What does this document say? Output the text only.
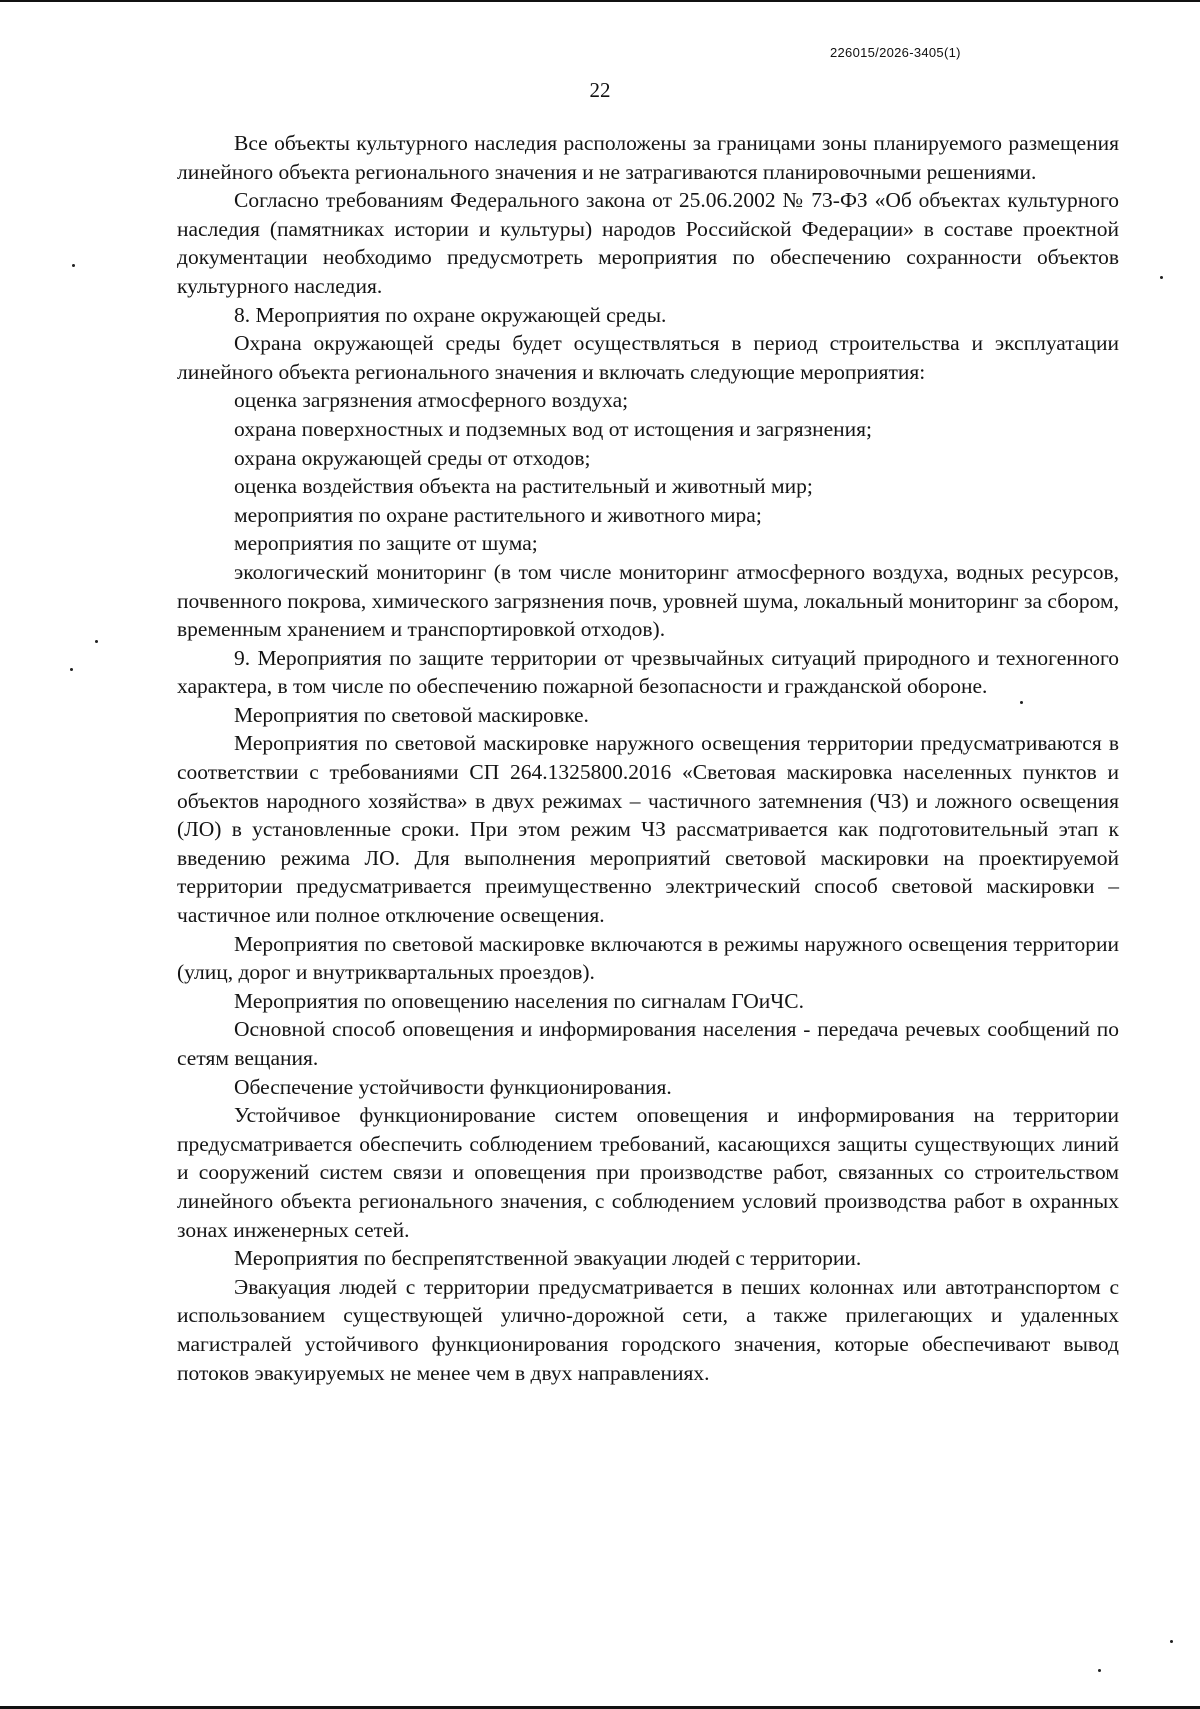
226015/2026-3405(1)
22

Все объекты культурного наследия расположены за границами зоны планируемого размещения линейного объекта регионального значения и не затрагиваются планировочными решениями.

Согласно требованиям Федерального закона от 25.06.2002 № 73-ФЗ «Об объектах культурного наследия (памятниках истории и культуры) народов Российской Федерации» в составе проектной документации необходимо предусмотреть мероприятия по обеспечению сохранности объектов культурного наследия.

8. Мероприятия по охране окружающей среды.

Охрана окружающей среды будет осуществляться в период строительства и эксплуатации линейного объекта регионального значения и включать следующие мероприятия:

оценка загрязнения атмосферного воздуха;

охрана поверхностных и подземных вод от истощения и загрязнения;

охрана окружающей среды от отходов;

оценка воздействия объекта на растительный и животный мир;

мероприятия по охране растительного и животного мира;

мероприятия по защите от шума;

экологический мониторинг (в том числе мониторинг атмосферного воздуха, водных ресурсов, почвенного покрова, химического загрязнения почв, уровней шума, локальный мониторинг за сбором, временным хранением и транспортировкой отходов).

9. Мероприятия по защите территории от чрезвычайных ситуаций природного и техногенного характера, в том числе по обеспечению пожарной безопасности и гражданской обороне.

Мероприятия по световой маскировке.

Мероприятия по световой маскировке наружного освещения территории предусматриваются в соответствии с требованиями СП 264.1325800.2016 «Световая маскировка населенных пунктов и объектов народного хозяйства» в двух режимах – частичного затемнения (ЧЗ) и ложного освещения (ЛО) в установленные сроки. При этом режим ЧЗ рассматривается как подготовительный этап к введению режима ЛО. Для выполнения мероприятий световой маскировки на проектируемой территории предусматривается преимущественно электрический способ световой маскировки – частичное или полное отключение освещения.

Мероприятия по световой маскировке включаются в режимы наружного освещения территории (улиц, дорог и внутриквартальных проездов).

Мероприятия по оповещению населения по сигналам ГОиЧС.

Основной способ оповещения и информирования населения - передача речевых сообщений по сетям вещания.

Обеспечение устойчивости функционирования.

Устойчивое функционирование систем оповещения и информирования на территории предусматривается обеспечить соблюдением требований, касающихся защиты существующих линий и сооружений систем связи и оповещения при производстве работ, связанных со строительством линейного объекта регионального значения, с соблюдением условий производства работ в охранных зонах инженерных сетей.

Мероприятия по беспрепятственной эвакуации людей с территории.

Эвакуация людей с территории предусматривается в пеших колоннах или автотранспортом с использованием существующей улично-дорожной сети, а также прилегающих и удаленных магистралей устойчивого функционирования городского значения, которые обеспечивают вывод потоков эвакуируемых не менее чем в двух направлениях.
